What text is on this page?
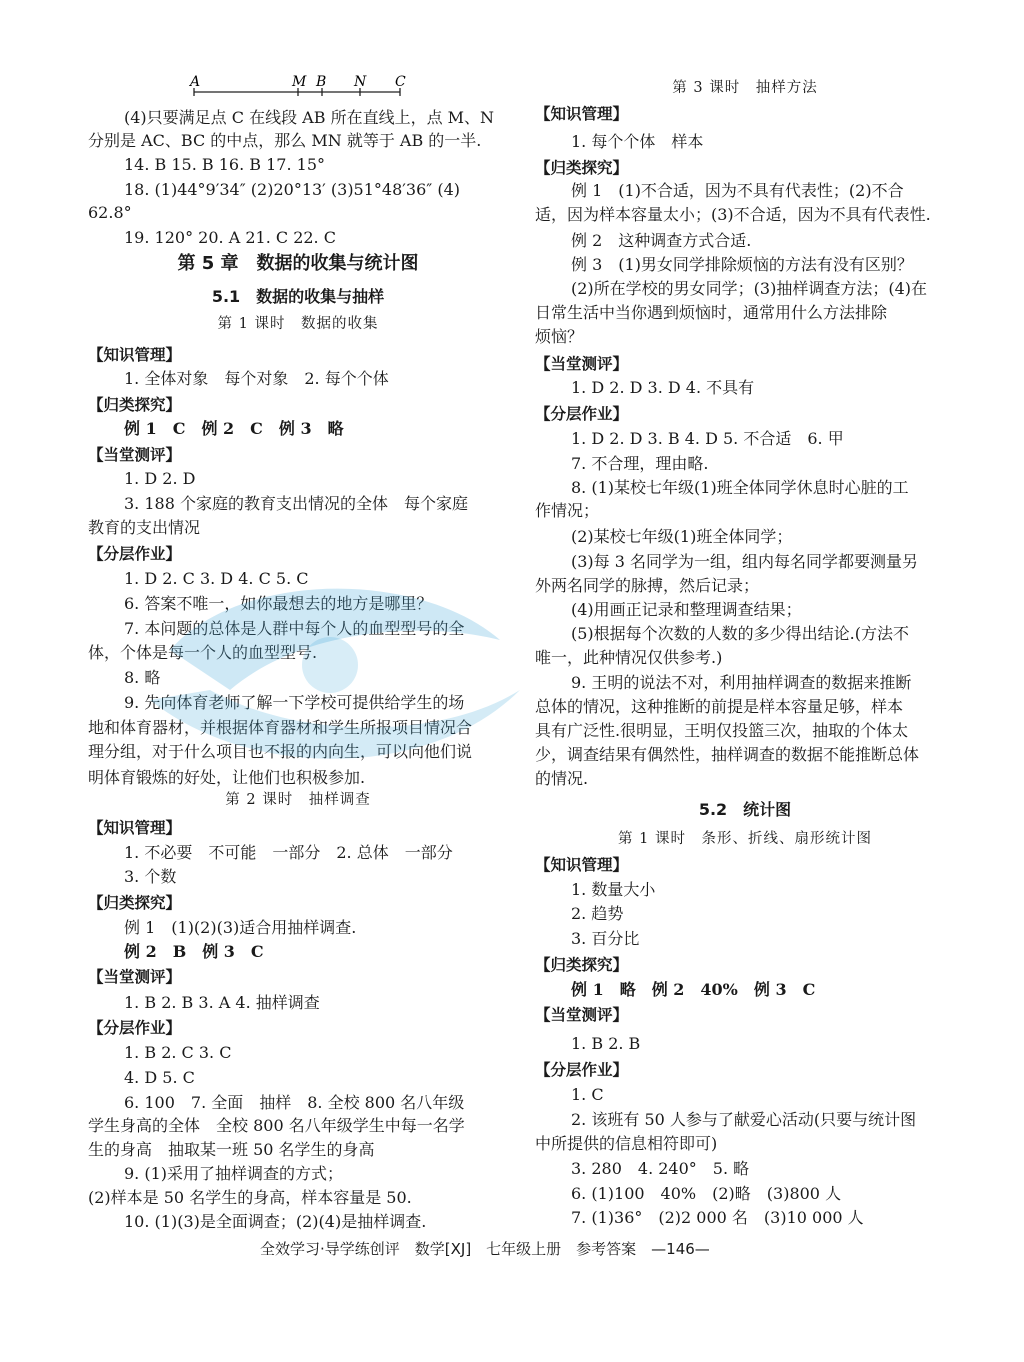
A	M B N C
(4)只要满足点 C 在线段 AB 所在直线上，点 M、N
分别是 AC、BC 的中点，那么 MN 就等于 AB 的一半.
14. B 15. B 16. B 17. 15°
18. (1)44°9′34″ (2)20°13′ (3)51°48′36″ (4)
62.8°
19. 120° 20. A 21. C 22. C
第 5 章　数据的收集与统计图
5.1　数据的收集与抽样
第 1 课时　数据的收集
【知识管理】
1. 全体对象　每个对象　2. 每个个体
【归类探究】
例 1　C　例 2　C　例 3　略
【当堂测评】
1. D 2. D
3. 188 个家庭的教育支出情况的全体　每个家庭
教育的支出情况
【分层作业】
1. D 2. C 3. D 4. C 5. C
6. 答案不唯一，如你最想去的地方是哪里？
7. 本问题的总体是人群中每个人的血型型号的全
体，个体是每一个人的血型型号.
8. 略
9. 先向体育老师了解一下学校可提供给学生的场
地和体育器材，并根据体育器材和学生所报项目情况合
理分组，对于什么项目也不报的内向生，可以向他们说
明体育锻炼的好处，让他们也积极参加.
第 2 课时　抽样调查
【知识管理】
1. 不必要　不可能　一部分　2. 总体　一部分
3. 个数
【归类探究】
例 1　(1)(2)(3)适合用抽样调查.
例 2　B　例 3　C
【当堂测评】
1. B 2. B 3. A 4. 抽样调查
【分层作业】
1. B 2. C 3. C
4. D 5. C
6. 100　7. 全面　抽样　8. 全校 800 名八年级
学生身高的全体　全校 800 名八年级学生中每一名学
生的身高　抽取某一班 50 名学生的身高
9. (1)采用了抽样调查的方式；
(2)样本是 50 名学生的身高，样本容量是 50.
10. (1)(3)是全面调查；(2)(4)是抽样调查.
第 3 课时　抽样方法
【知识管理】
1. 每个个体　样本
【归类探究】
例 1　(1)不合适，因为不具有代表性；(2)不合
适，因为样本容量太小；(3)不合适，因为不具有代表性.
例 2　这种调查方式合适.
例 3　(1)男女同学排除烦恼的方法有没有区别？
(2)所在学校的男女同学；(3)抽样调查方法；(4)在
日常生活中当你遇到烦恼时，通常用什么方法排除
烦恼？
【当堂测评】
1. D 2. D 3. D 4. 不具有
【分层作业】
1. D 2. D 3. B 4. D 5. 不合适　6. 甲
7. 不合理，理由略.
8. (1)某校七年级(1)班全体同学休息时心脏的工
作情况；
(2)某校七年级(1)班全体同学；
(3)每 3 名同学为一组，组内每名同学都要测量另
外两名同学的脉搏，然后记录；
(4)用画正记录和整理调查结果；
(5)根据每个次数的人数的多少得出结论.(方法不
唯一，此种情况仅供参考.)
9. 王明的说法不对，利用抽样调查的数据来推断
总体的情况，这种推断的前提是样本容量足够，样本
具有广泛性.很明显，王明仅投篮三次，抽取的个体太
少，调查结果有偶然性，抽样调查的数据不能推断总体
的情况.
5.2　统计图
第 1 课时　条形、折线、扇形统计图
【知识管理】
1. 数量大小
2. 趋势
3. 百分比
【归类探究】
例 1　略　例 2　40%　例 3　C
【当堂测评】
1. B 2. B
【分层作业】
1. C
2. 该班有 50 人参与了献爱心活动(只要与统计图
中所提供的信息相符即可)
3. 280　4. 240°　5. 略
6. (1)100　40%　(2)略　(3)800 人
7. (1)36°　(2)2 000 名　(3)10 000 人
全效学习·导学练创评　数学[XJ]　七年级上册　参考答案　—146—
